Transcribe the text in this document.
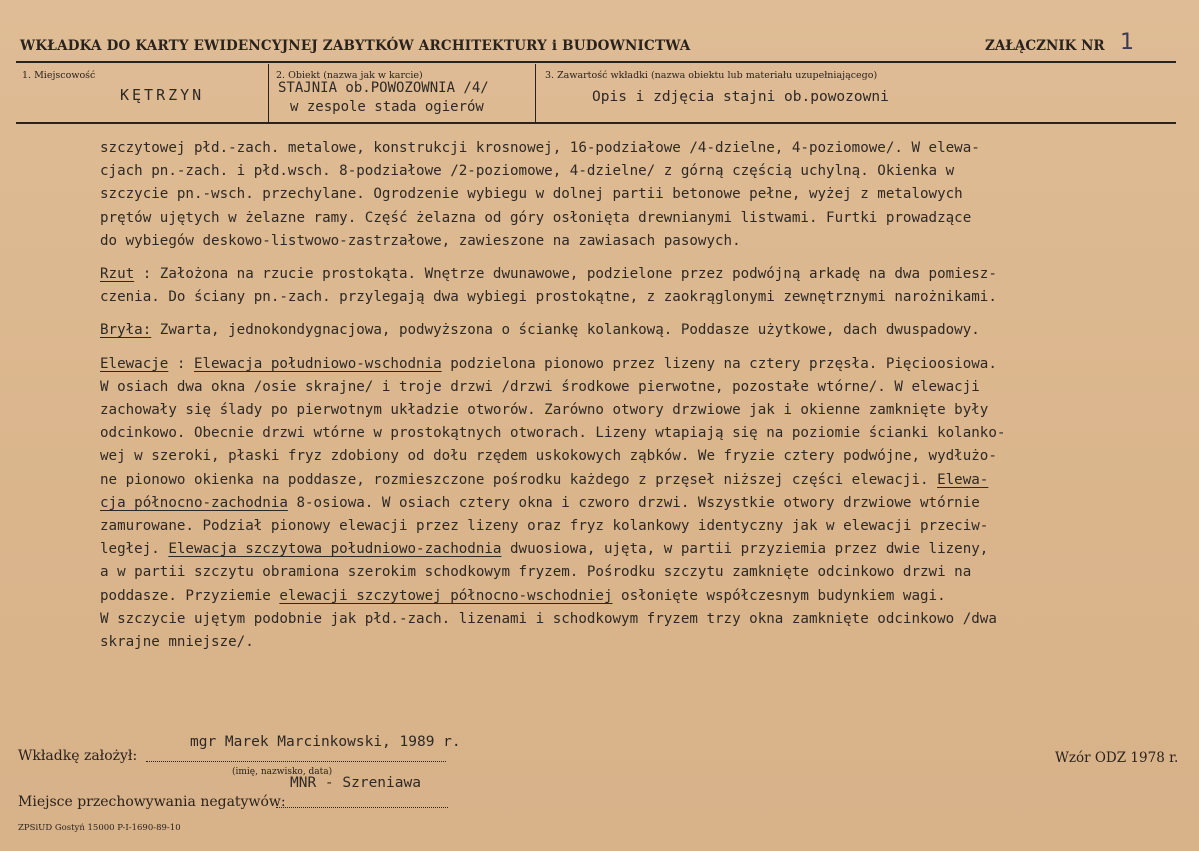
WKŁADKA DO KARTY EWIDENCYJNEJ ZABYTKÓW ARCHITEKTURY i BUDOWNICTWA	ZAŁĄCZNIK NR 1
1. Miejscowość
KĘTRZYN
2. Obiekt (nazwa jak w karcie)
STAJNIA ob.POWOZOWNIA /4/
w zespole stada ogierów
3. Zawartość wkładki (nazwa obiektu lub materiału uzupełniającego)
Opis i zdjęcia stajni ob.powozowni

szczytowej płd.-zach. metalowe, konstrukcji krosnowej, 16-podziałowe /4-dzielne, 4-poziomowe/. W elewa-

cjach pn.-zach. i płd.wsch. 8-podziałowe /2-poziomowe, 4-dzielne/ z górną częścią uchylną. Okienka w

szczycie pn.-wsch. przechylane. Ogrodzenie wybiegu w dolnej partii betonowe pełne, wyżej z metalowych

prętów ujętych w żelazne ramy. Część żelazna od góry osłonięta drewnianymi listwami. Furtki prowadzące

do wybiegów deskowo-listwowo-zastrzałowe, zawieszone na zawiasach pasowych.

Rzut : Założona na rzucie prostokąta. Wnętrze dwunawowe, podzielone przez podwójną arkadę na dwa pomiesz-

czenia. Do ściany pn.-zach. przylegają dwa wybiegi prostokątne, z zaokrąglonymi zewnętrznymi narożnikami.

Bryła: Zwarta, jednokondygnacjowa, podwyższona o ściankę kolankową. Poddasze użytkowe, dach dwuspadowy.

Elewacje : Elewacja południowo-wschodnia podzielona pionowo przez lizeny na cztery przęsła. Pięcioosiowa.

W osiach dwa okna /osie skrajne/ i troje drzwi /drzwi środkowe pierwotne, pozostałe wtórne/. W elewacji

zachowały się ślady po pierwotnym układzie otworów. Zarówno otwory drzwiowe jak i okienne zamknięte były

odcinkowo. Obecnie drzwi wtórne w prostokątnych otworach. Lizeny wtapiają się na poziomie ścianki kolanko-

wej w szeroki, płaski fryz zdobiony od dołu rzędem uskokowych ząbków. We fryzie cztery podwójne, wydłużo-

ne pionowo okienka na poddasze, rozmieszczone pośrodku każdego z przęseł niższej części elewacji. Elewa-

cja północno-zachodnia 8-osiowa. W osiach cztery okna i czworo drzwi. Wszystkie otwory drzwiowe wtórnie

zamurowane. Podział pionowy elewacji przez lizeny oraz fryz kolankowy identyczny jak w elewacji przeciw-

ległej. Elewacja szczytowa południowo-zachodnia dwuosiowa, ujęta, w partii przyziemia przez dwie lizeny,

a w partii szczytu obramiona szerokim schodkowym fryzem. Pośrodku szczytu zamknięte odcinkowo drzwi na

poddasze. Przyziemie elewacji szczytowej północno-wschodniej osłonięte współczesnym budynkiem wagi.

W szczycie ujętym podobnie jak płd.-zach. lizenami i schodkowym fryzem trzy okna zamknięte odcinkowo /dwa

skrajne mniejsze/.

Wkładkę założył:
mgr Marek Marcinkowski, 1989 r.
(imię, nazwisko, data)
MNR - Szreniawa
Miejsce przechowywania negatywów:
Wzór ODZ 1978 r.
ZPSiUD Gostyń 15000 P-I-1690-89-10
